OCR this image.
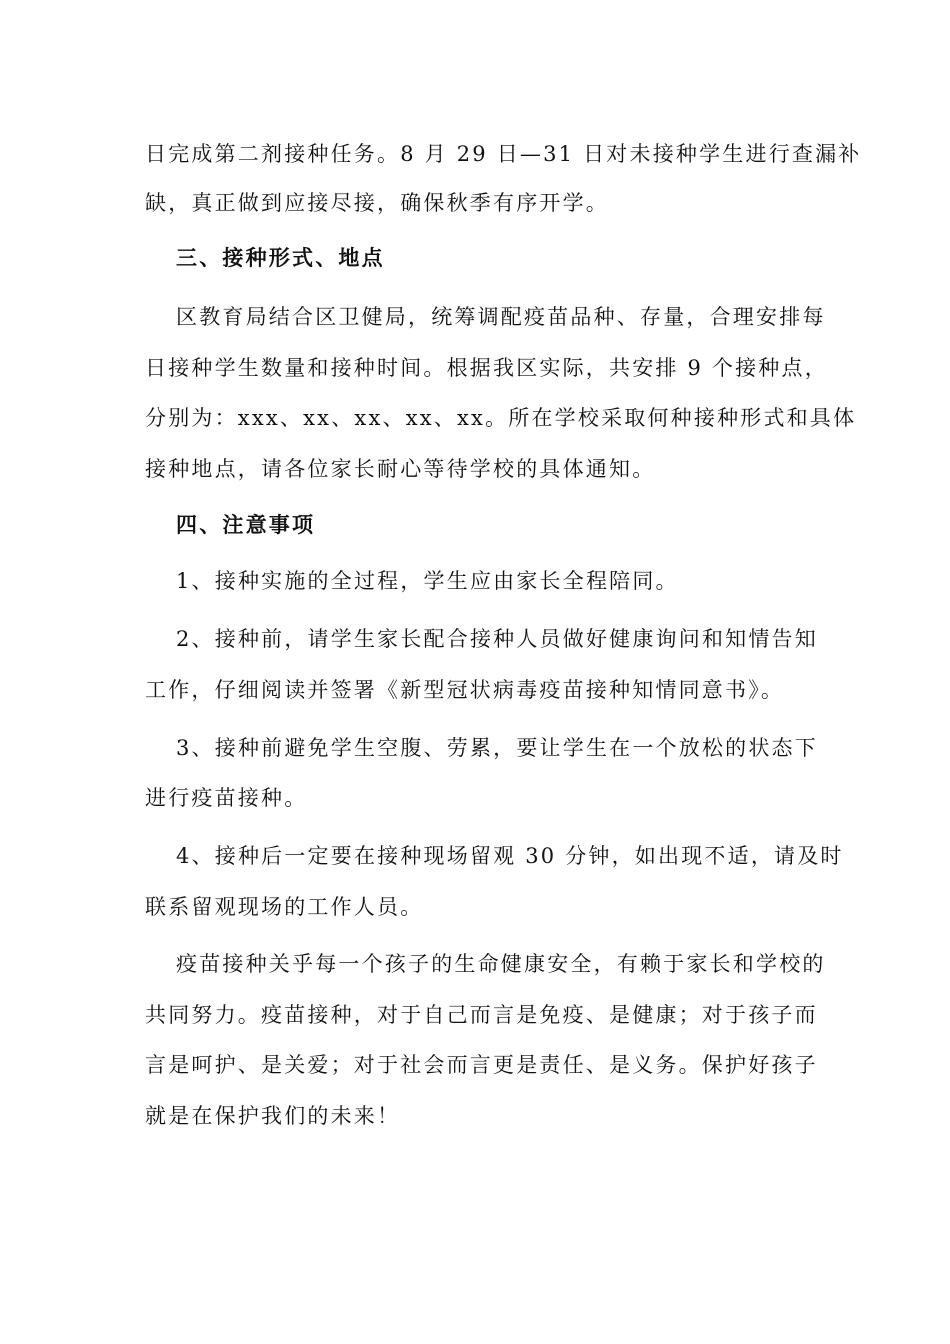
日完成第二剂接种任务。8 月 29 日—31 日对未接种学生进行查漏补
缺，真正做到应接尽接，确保秋季有序开学。
三、接种形式、地点
区教育局结合区卫健局，统筹调配疫苗品种、存量，合理安排每
日接种学生数量和接种时间。根据我区实际，共安排 9 个接种点，
分别为：xxx、xx、xx、xx、xx。所在学校采取何种接种形式和具体
接种地点，请各位家长耐心等待学校的具体通知。
四、注意事项
1、接种实施的全过程，学生应由家长全程陪同。
2、接种前，请学生家长配合接种人员做好健康询问和知情告知
工作，仔细阅读并签署《新型冠状病毒疫苗接种知情同意书》。
3、接种前避免学生空腹、劳累，要让学生在一个放松的状态下
进行疫苗接种。
4、接种后一定要在接种现场留观 30 分钟，如出现不适，请及时
联系留观现场的工作人员。
疫苗接种关乎每一个孩子的生命健康安全，有赖于家长和学校的
共同努力。疫苗接种，对于自己而言是免疫、是健康；对于孩子而
言是呵护、是关爱；对于社会而言更是责任、是义务。保护好孩子
就是在保护我们的未来！
